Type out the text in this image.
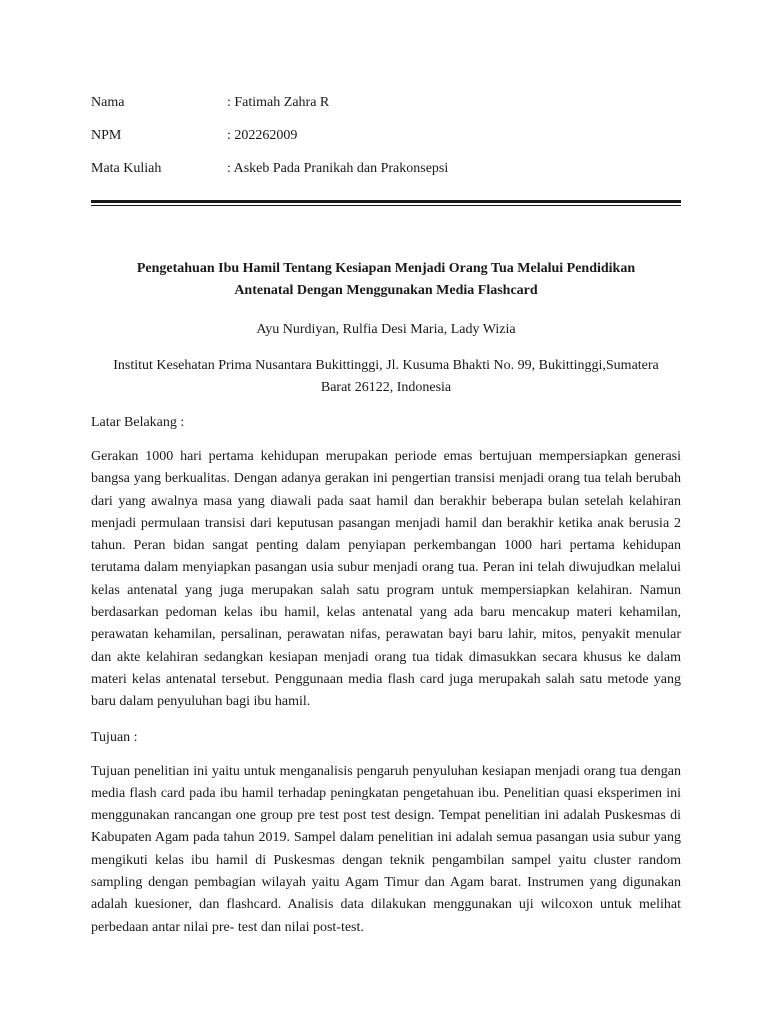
Nama	: Fatimah Zahra R
NPM	: 202262009
Mata Kuliah	: Askeb Pada Pranikah dan Prakonsepsi
Pengetahuan Ibu Hamil Tentang Kesiapan Menjadi Orang Tua Melalui Pendidikan
Antenatal Dengan Menggunakan Media Flashcard

Ayu Nurdiyan, Rulfia Desi Maria, Lady Wizia

Institut Kesehatan Prima Nusantara Bukittinggi, Jl. Kusuma Bhakti No. 99, Bukittinggi,Sumatera
Barat 26122, Indonesia

Latar Belakang :

Gerakan 1000 hari pertama kehidupan merupakan periode emas bertujuan mempersiapkan generasi bangsa yang berkualitas. Dengan adanya gerakan ini pengertian transisi menjadi orang tua telah berubah dari yang awalnya masa yang diawali pada saat hamil dan berakhir beberapa bulan setelah kelahiran menjadi permulaan transisi dari keputusan pasangan menjadi hamil dan berakhir ketika anak berusia 2 tahun. Peran bidan sangat penting dalam penyiapan perkembangan 1000 hari pertama kehidupan terutama dalam menyiapkan pasangan usia subur menjadi orang tua. Peran ini telah diwujudkan melalui kelas antenatal yang juga merupakan salah satu program untuk mempersiapkan kelahiran. Namun berdasarkan pedoman kelas ibu hamil, kelas antenatal yang ada baru mencakup materi kehamilan, perawatan kehamilan, persalinan, perawatan nifas, perawatan bayi baru lahir, mitos, penyakit menular dan akte kelahiran sedangkan kesiapan menjadi orang tua tidak dimasukkan secara khusus ke dalam materi kelas antenatal tersebut. Penggunaan media flash card juga merupakah salah satu metode yang baru dalam penyuluhan bagi ibu hamil.

Tujuan :

Tujuan penelitian ini yaitu untuk menganalisis pengaruh penyuluhan kesiapan menjadi orang tua dengan media flash card pada ibu hamil terhadap peningkatan pengetahuan ibu. Penelitian quasi eksperimen ini menggunakan rancangan one group pre test post test design. Tempat penelitian ini adalah Puskesmas di Kabupaten Agam pada tahun 2019. Sampel dalam penelitian ini adalah semua pasangan usia subur yang mengikuti kelas ibu hamil di Puskesmas dengan teknik pengambilan sampel yaitu cluster random sampling dengan pembagian wilayah yaitu Agam Timur dan Agam barat. Instrumen yang digunakan adalah kuesioner, dan flashcard. Analisis data dilakukan menggunakan uji wilcoxon untuk melihat perbedaan antar nilai pre- test dan nilai post-test.
